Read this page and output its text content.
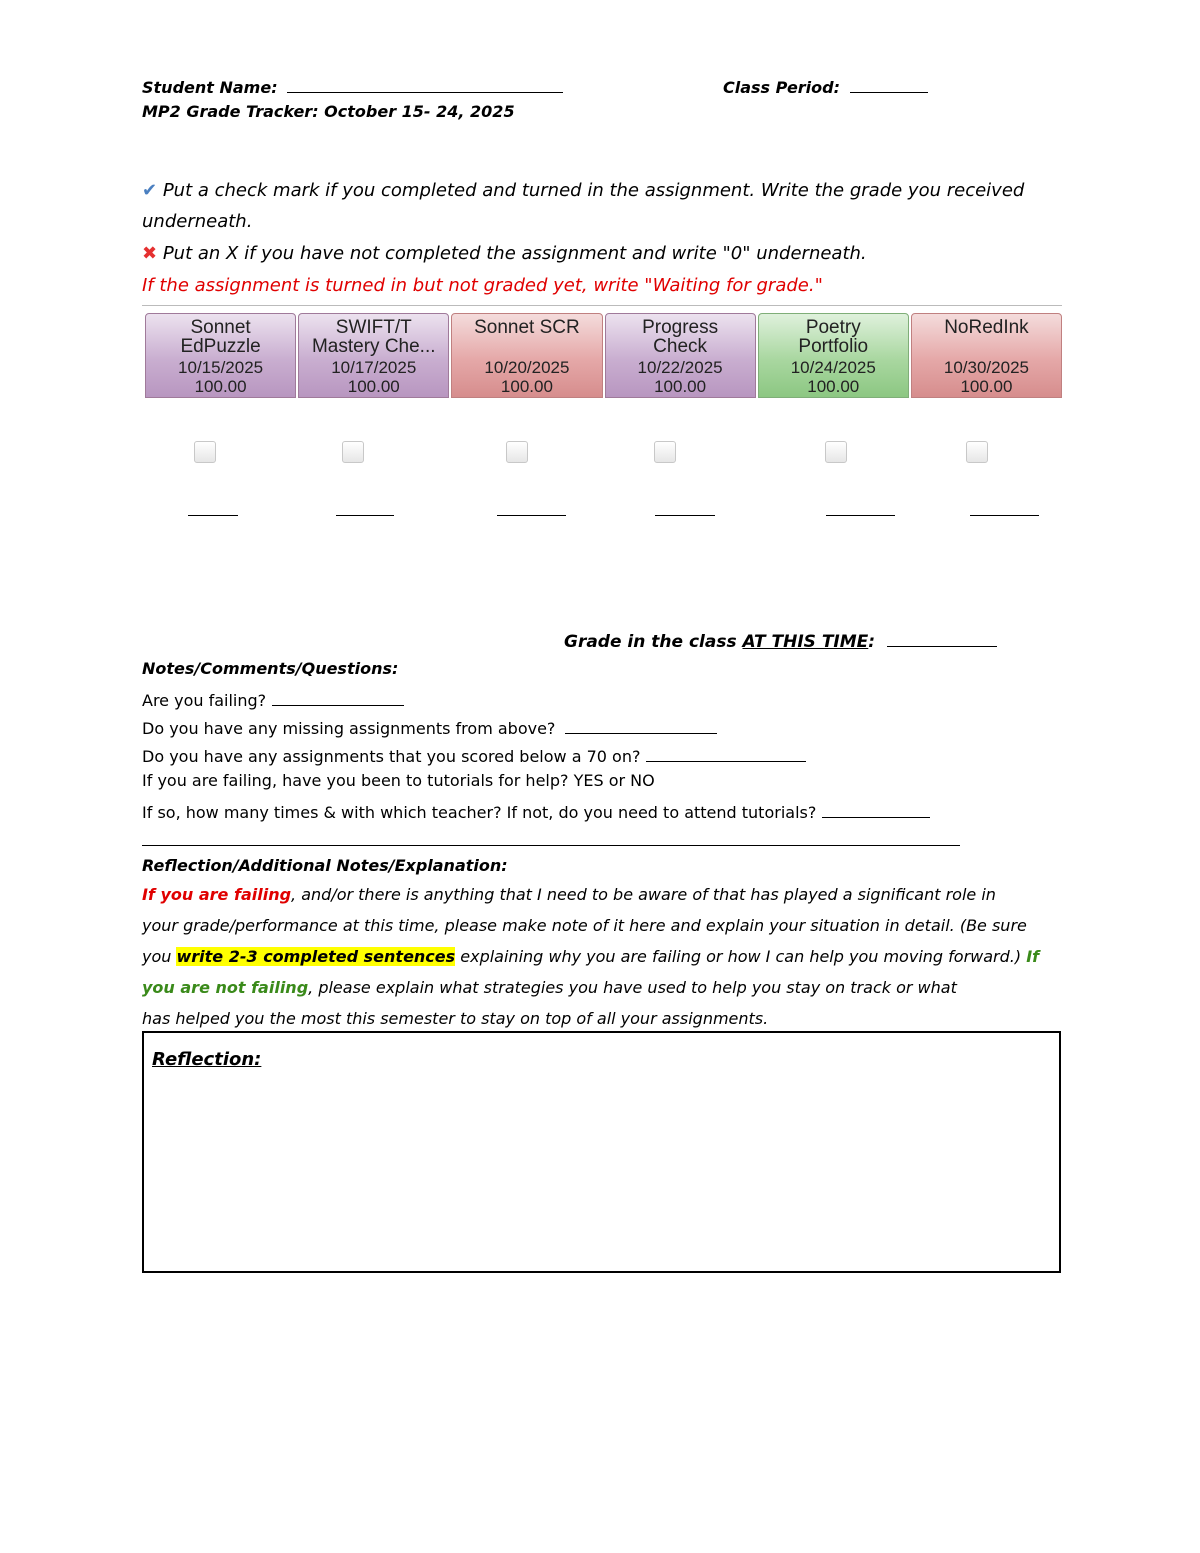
Student Name:	Class Period:
MP2 Grade Tracker: October 15- 24, 2025
✔ Put a check mark if you completed and turned in the assignment. Write the grade you received
underneath.
✖ Put an X if you have not completed the assignment and write "0" underneath.
If the assignment is turned in but not graded yet, write "Waiting for grade."
Sonnet
EdPuzzle
10/15/2025
100.00
SWIFT/T
Mastery Che...
10/17/2025
100.00
Sonnet SCR

10/20/2025
100.00
Progress
Check
10/22/2025
100.00
Poetry
Portfolio
10/24/2025
100.00
NoRedInk

10/30/2025
100.00
Grade in the class AT THIS TIME:
Notes/Comments/Questions:
Are you failing?
Do you have any missing assignments from above?
Do you have any assignments that you scored below a 70 on?
If you are failing, have you been to tutorials for help? YES or NO
If so, how many times & with which teacher? If not, do you need to attend tutorials?
Reflection/Additional Notes/Explanation:
If you are failing, and/or there is anything that I need to be aware of that has played a significant role in
your grade/performance at this time, please make note of it here and explain your situation in detail. (Be sure
you write 2-3 completed sentences explaining why you are failing or how I can help you moving forward.) If
you are not failing, please explain what strategies you have used to help you stay on track or what
has helped you the most this semester to stay on top of all your assignments.
Reflection:
